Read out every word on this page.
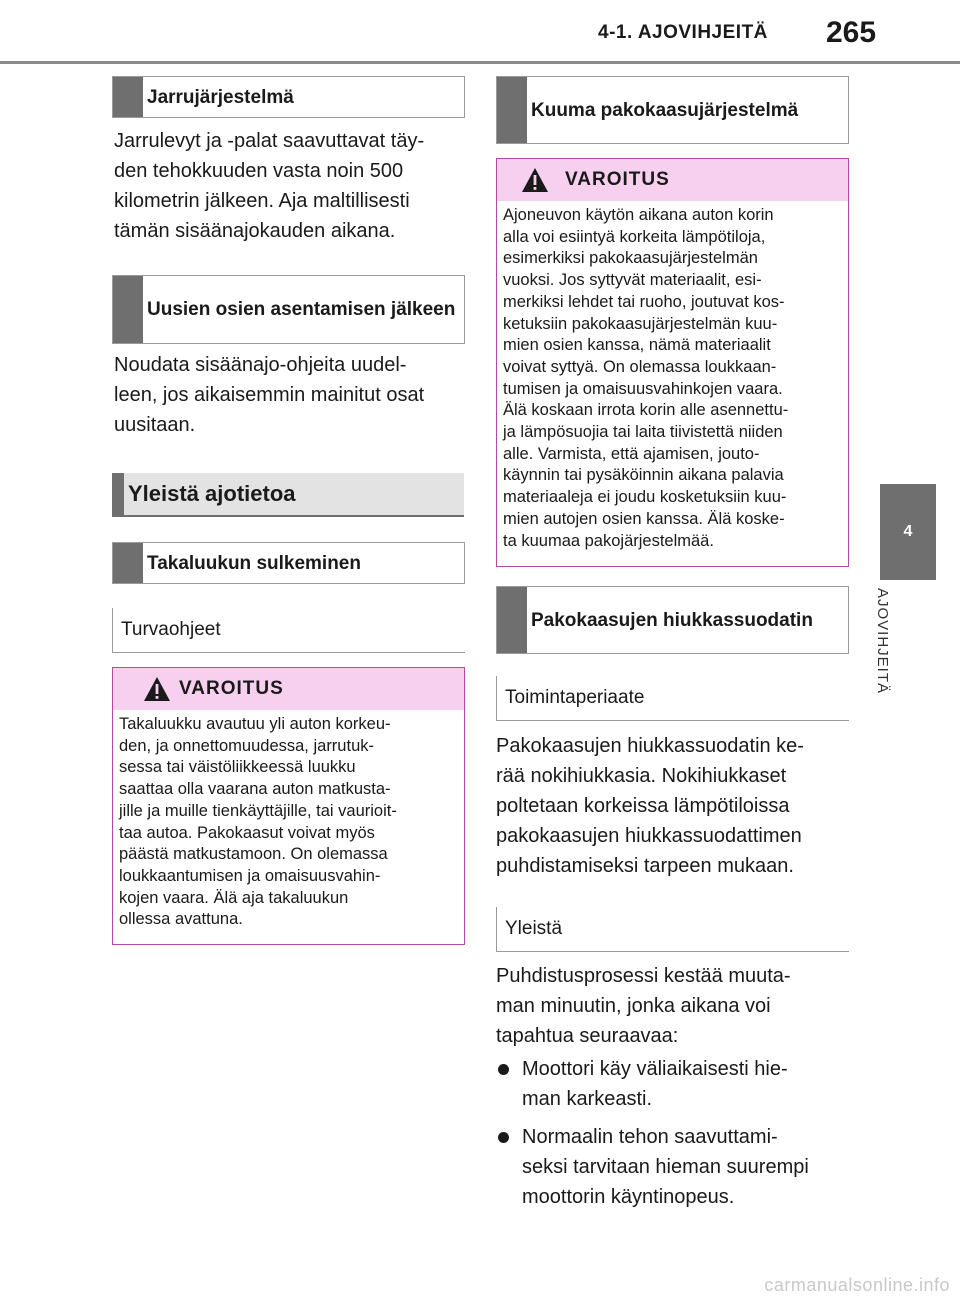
4-1. AJOVIHJEITÄ 265
4
AJOVIHJEITÄ
Jarrujärjestelmä

Jarrulevyt ja -palat saavuttavat täy-

den tehokkuuden vasta noin 500

kilometrin jälkeen. Aja maltillisesti

tämän sisäänajokauden aikana.

Uusien osien asentamisen jälkeen

Noudata sisäänajo-ohjeita uudel-

leen, jos aikaisemmin mainitut osat

uusitaan.

Yleistä ajotietoa
Takaluukun sulkeminen
Turvaohjeet
VAROITUS
Takaluukku avautuu yli auton korkeu-
den, ja onnettomuudessa, jarrutuk-
sessa tai väistöliikkeessä luukku
saattaa olla vaarana auton matkusta-
jille ja muille tienkäyttäjille, tai vaurioit-
taa autoa. Pakokaasut voivat myös
päästä matkustamoon. On olemassa
loukkaantumisen ja omaisuusvahin-
kojen vaara. Älä aja takaluukun
ollessa avattuna.
Kuuma pakokaasujärjestelmä
VAROITUS
Ajoneuvon käytön aikana auton korin
alla voi esiintyä korkeita lämpötiloja,
esimerkiksi pakokaasujärjestelmän
vuoksi. Jos syttyvät materiaalit, esi-
merkiksi lehdet tai ruoho, joutuvat kos-
ketuksiin pakokaasujärjestelmän kuu-
mien osien kanssa, nämä materiaalit
voivat syttyä. On olemassa loukkaan-
tumisen ja omaisuusvahinkojen vaara.
Älä koskaan irrota korin alle asennettu-
ja lämpösuojia tai laita tiivistettä niiden
alle. Varmista, että ajamisen, jouto-
käynnin tai pysäköinnin aikana palavia
materiaaleja ei joudu kosketuksiin kuu-
mien autojen osien kanssa. Älä koske-
ta kuumaa pakojärjestelmää.
Pakokaasujen hiukkassuodatin
Toimintaperiaate

Pakokaasujen hiukkassuodatin ke-

rää nokihiukkasia. Nokihiukkaset

poltetaan korkeissa lämpötiloissa

pakokaasujen hiukkassuodattimen

puhdistamiseksi tarpeen mukaan.

Yleistä

Puhdistusprosessi kestää muuta-

man minuutin, jonka aikana voi

tapahtua seuraavaa:

Moottori käy väliaikaisesti hie-
man karkeasti.
Normaalin tehon saavuttami-
seksi tarvitaan hieman suurempi
moottorin käyntinopeus.
carmanualsonline.info
